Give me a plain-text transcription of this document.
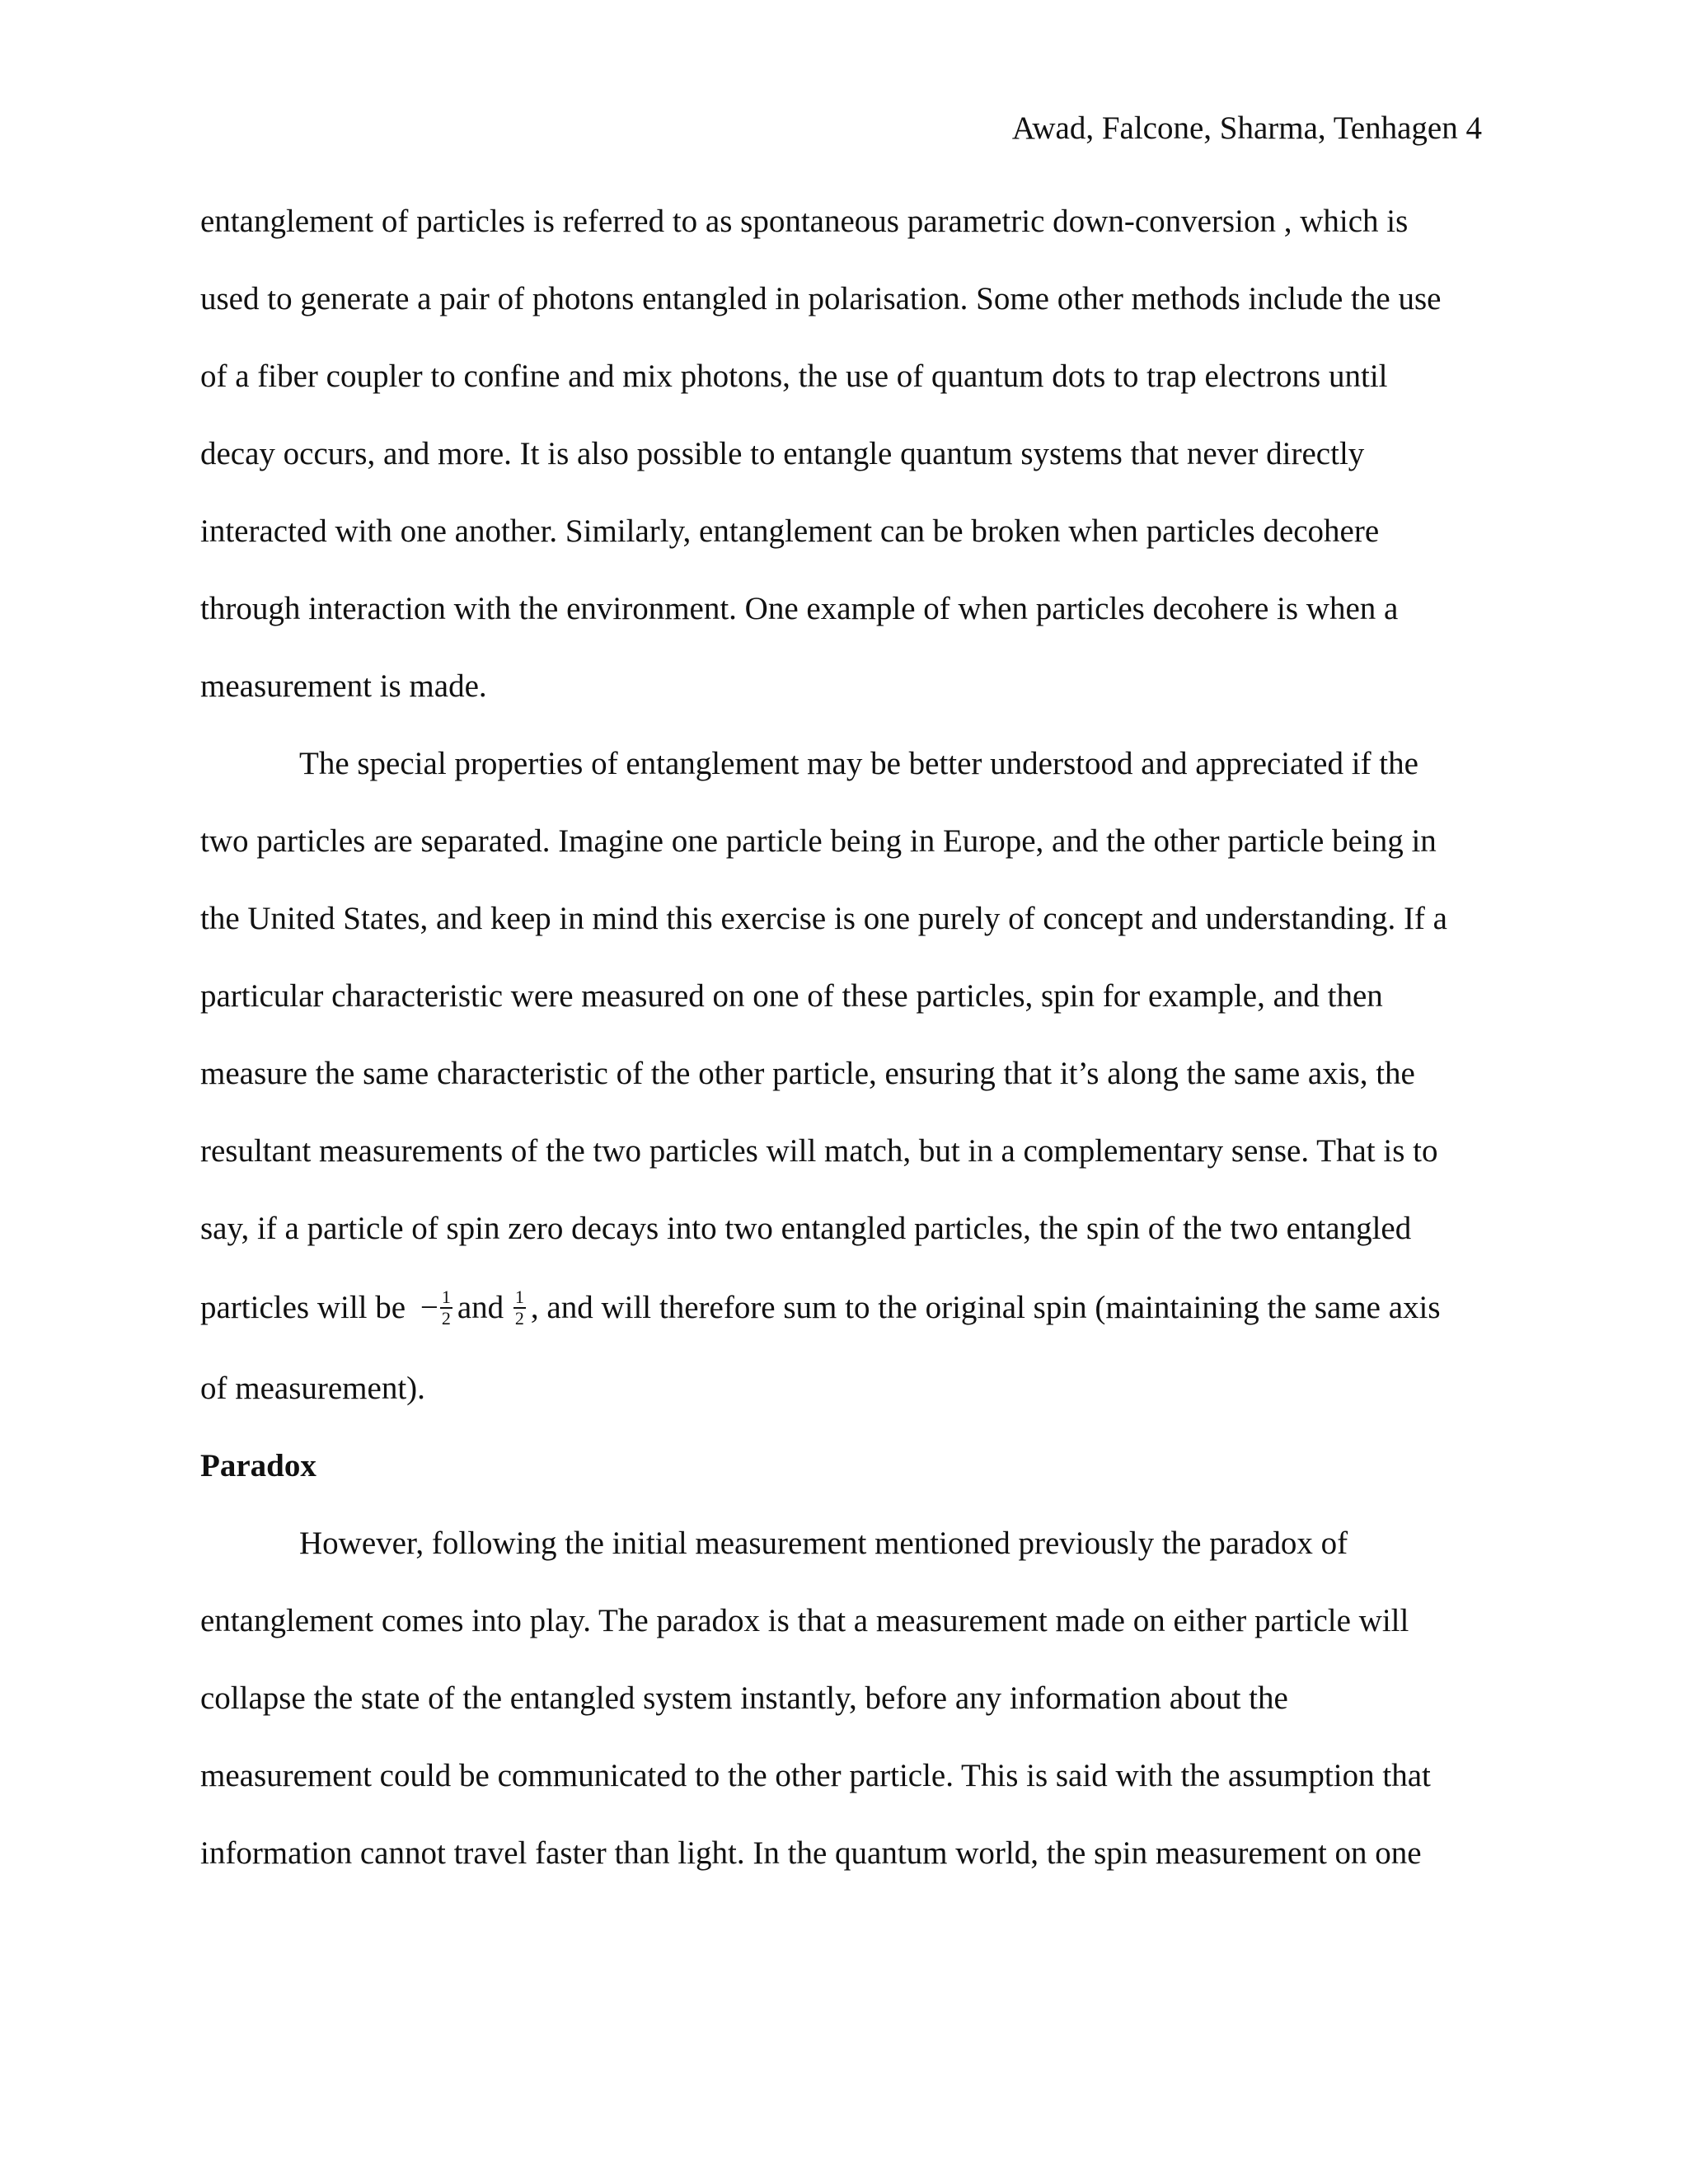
Awad, Falcone, Sharma, Tenhagen 4
entanglement of particles is referred to as spontaneous parametric down-conversion , which is
used to generate a pair of photons entangled in polarisation. Some other methods include the use
of a fiber coupler to confine and mix photons, the use of quantum dots to trap electrons until
decay occurs, and more. It is also possible to entangle quantum systems that never directly
interacted with one another. Similarly, entanglement can be broken when particles decohere
through interaction with the environment. One example of when particles decohere is when a
measurement is made.
The special properties of entanglement may be better understood and appreciated if the
two particles are separated. Imagine one particle being in Europe, and the other particle being in
the United States, and keep in mind this exercise is one purely of concept and understanding. If a
particular characteristic were measured on one of these particles, spin for example, and then
measure the same characteristic of the other particle, ensuring that it’s along the same axis, the
resultant measurements of the two particles will match, but in a complementary sense. That is to
say, if a particle of spin zero decays into two entangled particles, the spin of the two entangled
particles will be − $\frac{1}{2}$ and $\frac{1}{2}$ , and will therefore sum to the original spin (maintaining the same axis
of measurement).
Paradox
However, following the initial measurement mentioned previously the paradox of
entanglement comes into play. The paradox is that a measurement made on either particle will
collapse the state of the entangled system instantly, before any information about the
measurement could be communicated to the other particle. This is said with the assumption that
information cannot travel faster than light. In the quantum world, the spin measurement on one
